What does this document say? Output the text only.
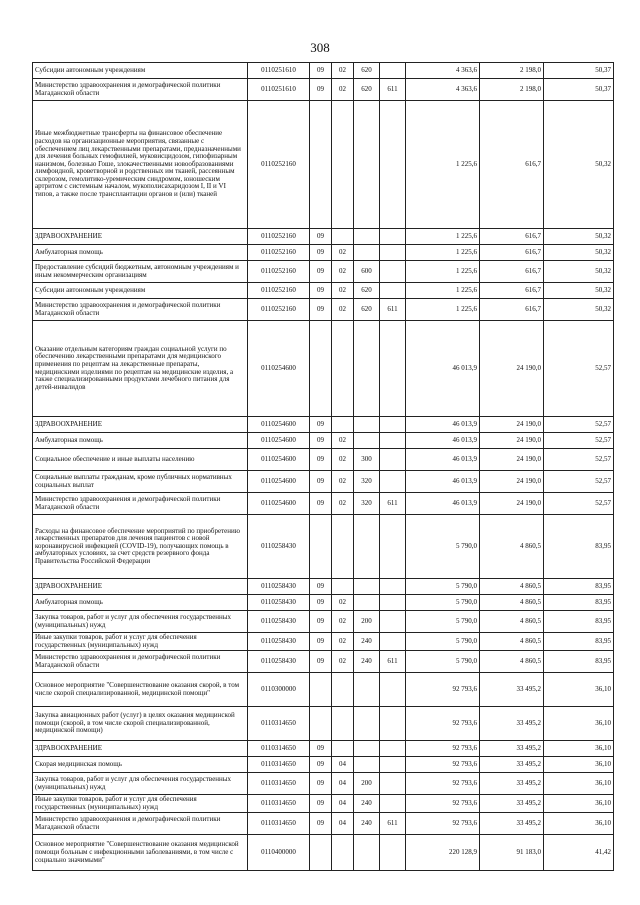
308
Субсидии автономным учреждениям	0110251610	09	02	620		4 363,6	2 198,0	50,37
Министерство здравоохранения и демографической политики Магаданской области	0110251610	09	02	620	611	4 363,6	2 198,0	50,37
Иные межбюджетные трансферты на финансовое обеспечение расходов на организационные мероприятия, связанные с обеспечением лиц лекарственными препаратами, предназначенными для лечения больных гемофилией, муковисцидозом, гипофизарным нанизмом, болезнью Гоше, злокачественными новообразованиями лимфоидной, кроветворной и родственных им тканей, рассеянным склерозом, гемолитико-уремическим синдромом, юношеским артритом с системным началом, мукополисахаридозом I, II и VI типов, а также после трансплантации органов и (или) тканей	0110252160					1 225,6	616,7	50,32
ЗДРАВООХРАНЕНИЕ	0110252160	09				1 225,6	616,7	50,32
Амбулаторная помощь	0110252160	09	02			1 225,6	616,7	50,32
Предоставление субсидий бюджетным, автономным учреждениям и иным некоммерческим организациям	0110252160	09	02	600		1 225,6	616,7	50,32
Субсидии автономным учреждениям	0110252160	09	02	620		1 225,6	616,7	50,32
Министерство здравоохранения и демографической политики Магаданской области	0110252160	09	02	620	611	1 225,6	616,7	50,32
Оказание отдельным категориям граждан социальной услуги по обеспечению лекарственными препаратами для медицинского применения по рецептам на лекарственные препараты, медицинскими изделиями по рецептам на медицинские изделия, а также специализированными продуктами лечебного питания для детей-инвалидов	0110254600					46 013,9	24 190,0	52,57
ЗДРАВООХРАНЕНИЕ	0110254600	09				46 013,9	24 190,0	52,57
Амбулаторная помощь	0110254600	09	02			46 013,9	24 190,0	52,57
Социальное обеспечение и иные выплаты населению	0110254600	09	02	300		46 013,9	24 190,0	52,57
Социальные выплаты гражданам, кроме публичных нормативных социальных выплат	0110254600	09	02	320		46 013,9	24 190,0	52,57
Министерство здравоохранения и демографической политики Магаданской области	0110254600	09	02	320	611	46 013,9	24 190,0	52,57
Расходы на финансовое обеспечение мероприятий по приобретению лекарственных препаратов для лечения пациентов с новой коронавирусной инфекцией (COVID-19), получающих помощь в амбулаторных условиях, за счет средств резервного фонда Правительства Российской Федерации	0110258430					5 790,0	4 860,5	83,95
ЗДРАВООХРАНЕНИЕ	0110258430	09				5 790,0	4 860,5	83,95
Амбулаторная помощь	0110258430	09	02			5 790,0	4 860,5	83,95
Закупка товаров, работ и услуг для обеспечения государственных (муниципальных) нужд	0110258430	09	02	200		5 790,0	4 860,5	83,95
Иные закупки товаров, работ и услуг для обеспечения государственных (муниципальных) нужд	0110258430	09	02	240		5 790,0	4 860,5	83,95
Министерство здравоохранения и демографической политики Магаданской области	0110258430	09	02	240	611	5 790,0	4 860,5	83,95
Основное мероприятие "Совершенствование оказания скорой, в том числе скорой специализированной, медицинской помощи"	0110300000					92 793,6	33 495,2	36,10
Закупка авиационных работ (услуг) в целях оказания медицинской помощи (скорой, в том числе скорой специализированной, медицинской помощи)	0110314650					92 793,6	33 495,2	36,10
ЗДРАВООХРАНЕНИЕ	0110314650	09				92 793,6	33 495,2	36,10
Скорая медицинская помощь	0110314650	09	04			92 793,6	33 495,2	36,10
Закупка товаров, работ и услуг для обеспечения государственных (муниципальных) нужд	0110314650	09	04	200		92 793,6	33 495,2	36,10
Иные закупки товаров, работ и услуг для обеспечения государственных (муниципальных) нужд	0110314650	09	04	240		92 793,6	33 495,2	36,10
Министерство здравоохранения и демографической политики Магаданской области	0110314650	09	04	240	611	92 793,6	33 495,2	36,10
Основное мероприятие "Совершенствование оказания медицинской помощи больным с инфекционными заболеваниями, в том числе с социально значимыми"	0110400000					220 128,9	91 183,0	41,42
